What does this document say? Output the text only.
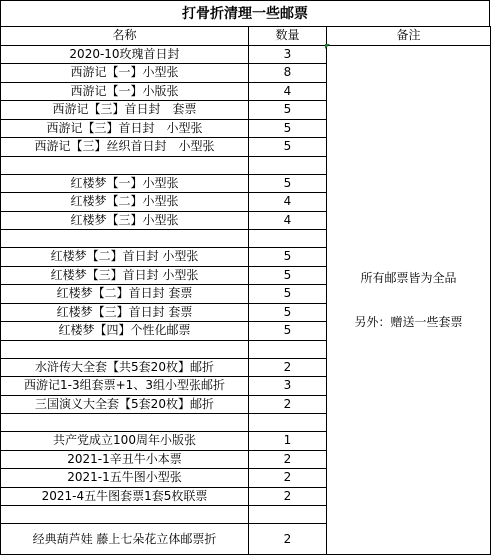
打骨折清理一些邮票
名称	数量	备注
2020-10玫瑰首日封	3	所有邮票皆为全品
另外：赠送一些套票

西游记【一】小型张	8	
西游记【一】小版张	4	
西游记【三】首日封　套票	5	
西游记【三】首日封　小型张	5	
西游记【三】丝织首日封　小型张	5	

红楼梦【一】小型张	5	
红楼梦【二】小型张	4	
红楼梦【三】小型张	4	

红楼梦【二】首日封 小型张	5	
红楼梦【三】首日封 小型张	5	
红楼梦【二】首日封 套票	5	
红楼梦【三】首日封 套票	5	
红楼梦【四】个性化邮票	5	

水浒传大全套【共5套20枚】邮折	2	
西游记1-3组套票+1、3组小型张邮折	3	
三国演义大全套【5套20枚】邮折	2	

共产党成立100周年小版张	1	
2021-1辛丑牛小本票	2	
2021-1五牛图小型张	2	
2021-4五牛图套票1套5枚联票	2	

经典葫芦娃 藤上七朵花立体邮票折	2	
